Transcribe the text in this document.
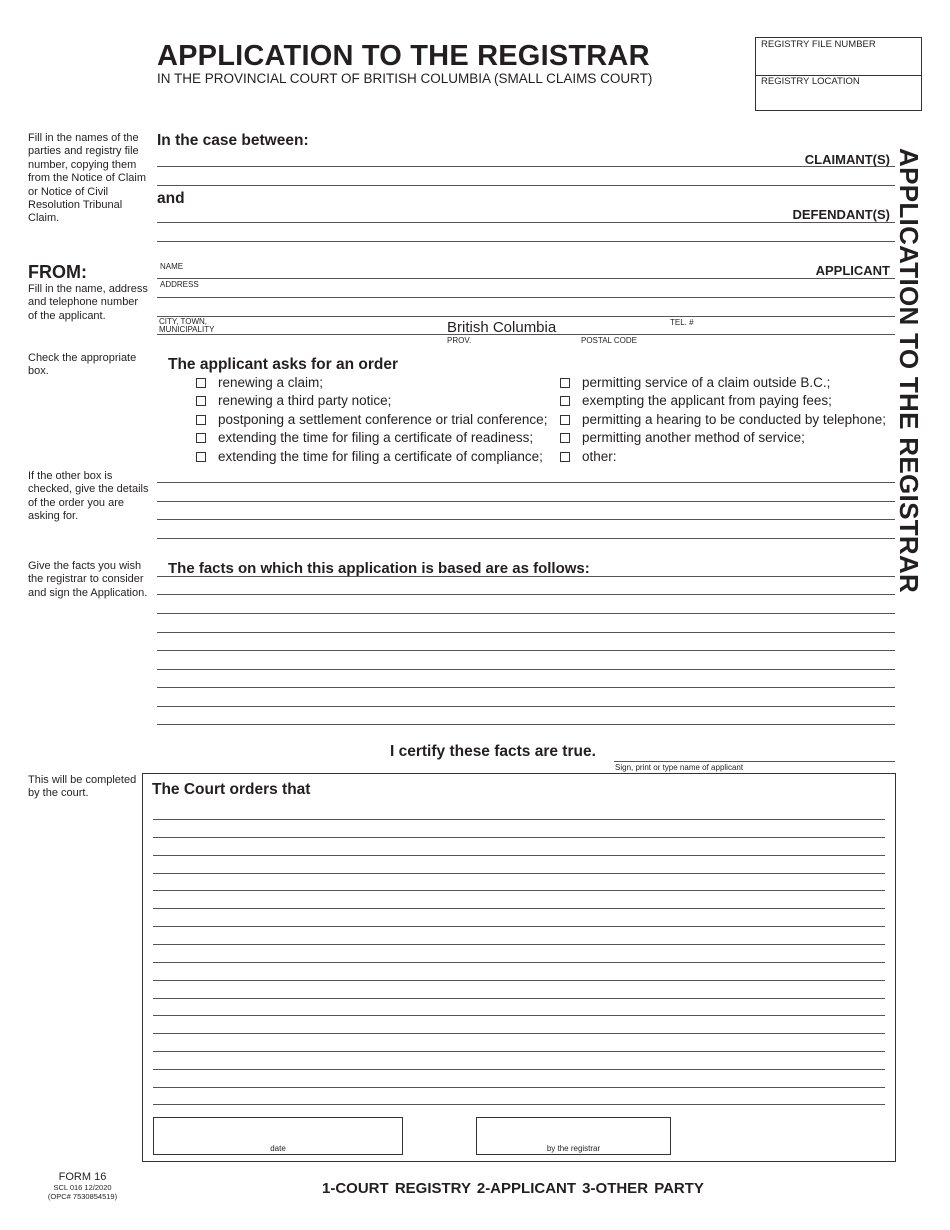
APPLICATION TO THE REGISTRAR
IN THE PROVINCIAL COURT OF BRITISH COLUMBIA (SMALL CLAIMS COURT)
REGISTRY FILE NUMBER
REGISTRY LOCATION
APPLICATION TO THE REGISTRAR
Fill in the names of the parties and registry file number, copying them from the Notice of Claim or Notice of Civil Resolution Tribunal Claim.
FROM:
Fill in the name, address and telephone number of the applicant.
Check the appropriate box.
If the other box is checked, give the details of the order you are asking for.
Give the facts you wish the registrar to consider and sign the Application.
This will be completed by the court.
In the case between:
CLAIMANT(S)
and
DEFENDANT(S)
NAME	APPLICANT
ADDRESS
CITY, TOWN,
MUNICIPALITY	British Columbia	TEL. #
PROV.	POSTAL CODE
The applicant asks for an order
renewing a claim;
renewing a third party notice;
postponing a settlement conference or trial conference;
extending the time for filing a certificate of readiness;
extending the time for filing a certificate of compliance;
permitting service of a claim outside B.C.;
exempting the applicant from paying fees;
permitting a hearing to be conducted by telephone;
permitting another method of service;
other:
The facts on which this application is based are as follows:
I certify these facts are true.
Sign, print or type name of applicant
The Court orders that
date	by the registrar
FORM 16
SCL 016 12/2020
(OPC# 7530854519)	1-COURT REGISTRY 2-APPLICANT 3-OTHER PARTY
